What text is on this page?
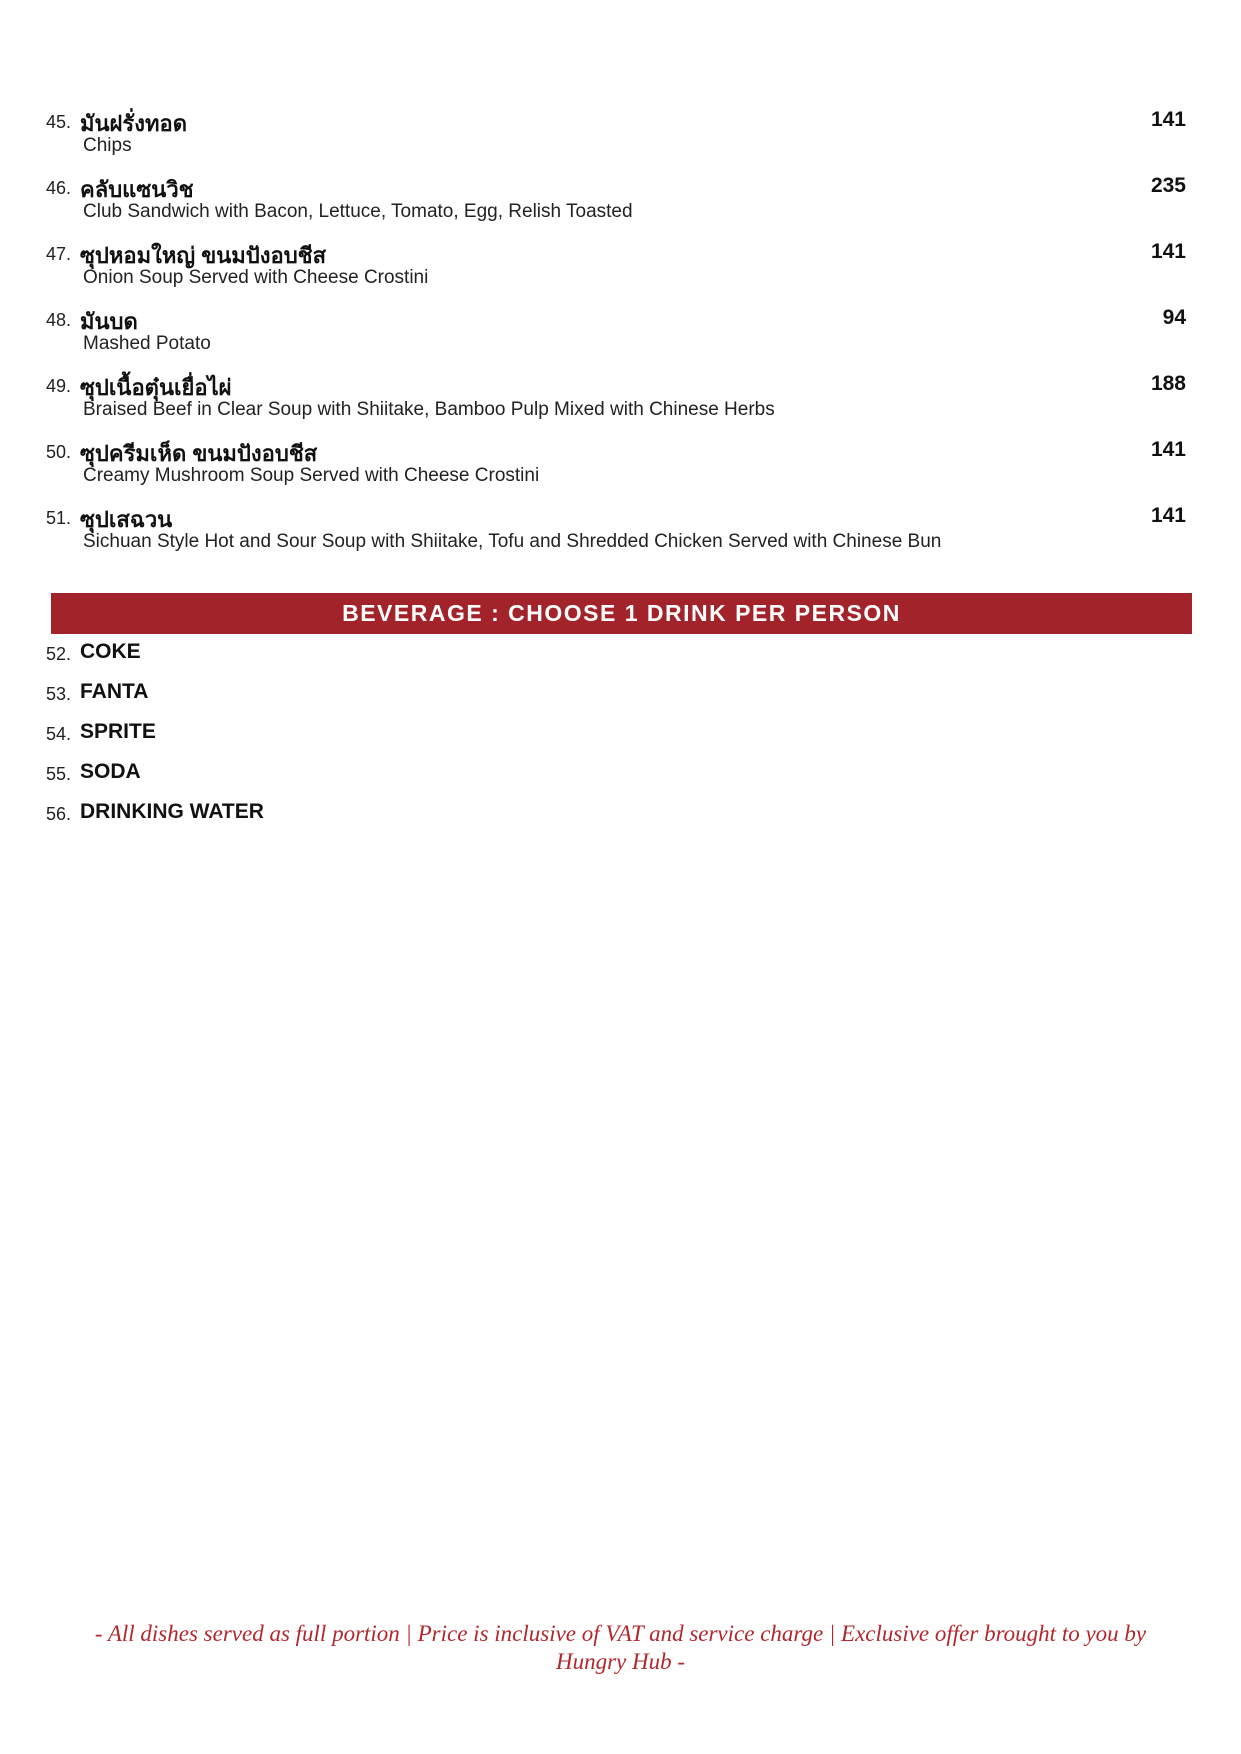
45. มันฝรั่งทอด	141
Chips
46. คลับแซนวิช	235
Club Sandwich with Bacon, Lettuce, Tomato, Egg, Relish Toasted
47. ซุปหอมใหญ่ ขนมปังอบชีส	141
Onion Soup Served with Cheese Crostini
48. มันบด	94
Mashed Potato
49. ซุปเนื้อตุ๋นเยื่อไผ่	188
Braised Beef in Clear Soup with Shiitake, Bamboo Pulp Mixed with Chinese Herbs
50. ซุปครีมเห็ด ขนมปังอบชีส	141
Creamy Mushroom Soup Served with Cheese Crostini
51. ซุปเสฉวน	141
Sichuan Style Hot and Sour Soup with Shiitake, Tofu and Shredded Chicken Served with Chinese Bun
BEVERAGE : CHOOSE 1 DRINK PER PERSON
52. COKE
53. FANTA
54. SPRITE
55. SODA
56. DRINKING WATER
- All dishes served as full portion | Price is inclusive of VAT and service charge | Exclusive offer brought to you by
Hungry Hub -
